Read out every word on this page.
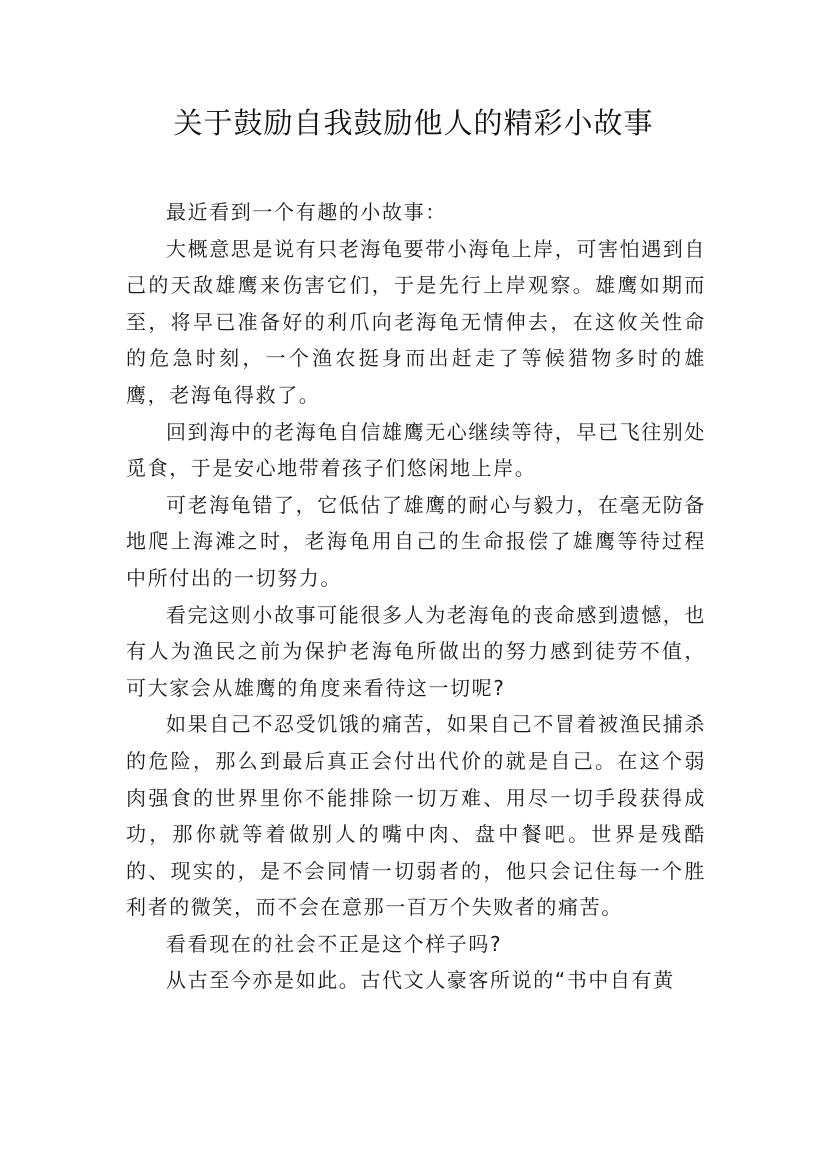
关于鼓励自我鼓励他人的精彩小故事

最近看到一个有趣的小故事：

大概意思是说有只老海龟要带小海龟上岸，可害怕遇到自己的天敌雄鹰来伤害它们，于是先行上岸观察。雄鹰如期而至，将早已准备好的利爪向老海龟无情伸去，在这攸关性命的危急时刻，一个渔农挺身而出赶走了等候猎物多时的雄鹰，老海龟得救了。

回到海中的老海龟自信雄鹰无心继续等待，早已飞往别处觅食，于是安心地带着孩子们悠闲地上岸。

可老海龟错了，它低估了雄鹰的耐心与毅力，在毫无防备地爬上海滩之时，老海龟用自己的生命报偿了雄鹰等待过程中所付出的一切努力。

看完这则小故事可能很多人为老海龟的丧命感到遗憾，也有人为渔民之前为保护老海龟所做出的努力感到徒劳不值，可大家会从雄鹰的角度来看待这一切呢?

如果自己不忍受饥饿的痛苦，如果自己不冒着被渔民捕杀的危险，那么到最后真正会付出代价的就是自己。在这个弱肉强食的世界里你不能排除一切万难、用尽一切手段获得成功，那你就等着做别人的嘴中肉、盘中餐吧。世界是残酷的、现实的，是不会同情一切弱者的，他只会记住每一个胜利者的微笑，而不会在意那一百万个失败者的痛苦。

看看现在的社会不正是这个样子吗?

从古至今亦是如此。古代文人豪客所说的“书中自有黄
